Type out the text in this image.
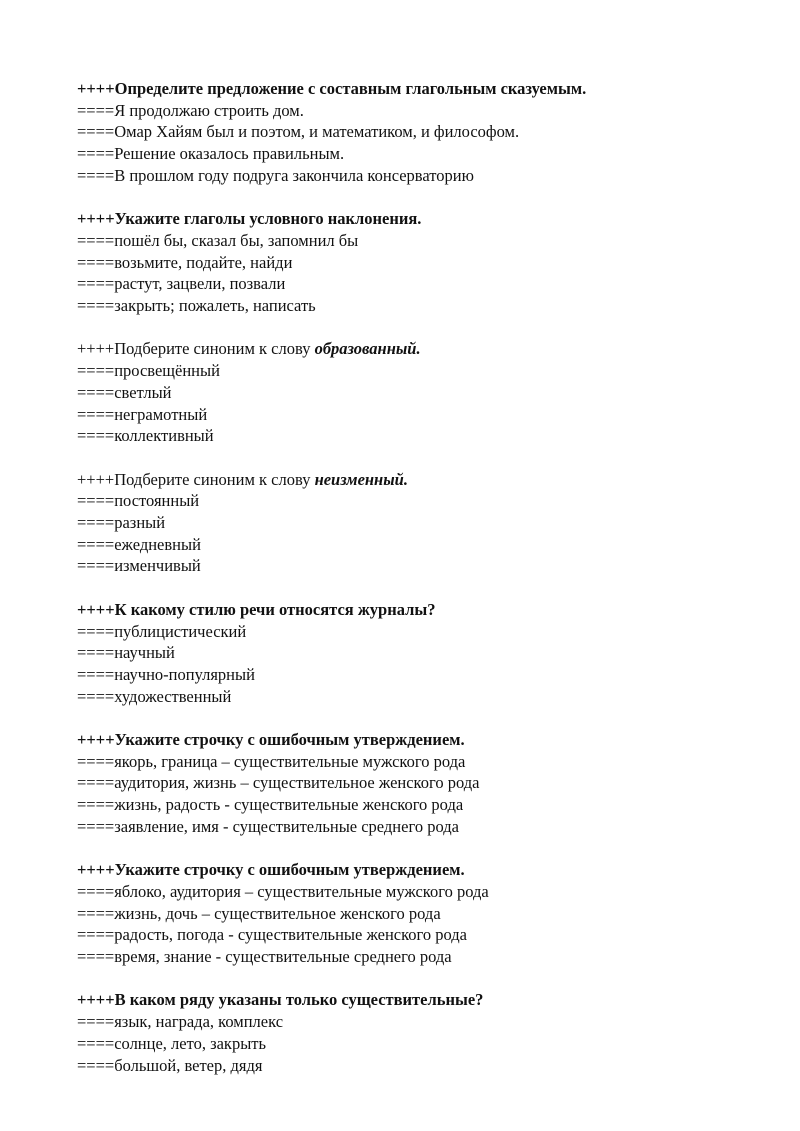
++++Определите предложение с составным глагольным сказуемым.
====Я продолжаю строить дом.
====Омар Хайям был и поэтом, и математиком, и философом.
====Решение оказалось правильным.
====В прошлом году подруга закончила консерваторию
++++Укажите глаголы условного наклонения.
====пошёл бы, сказал бы, запомнил бы
====возьмите, подайте, найди
====растут, зацвели, позвали
====закрыть; пожалеть, написать
++++Подберите синоним к слову образованный.
====просвещённый
====светлый
====неграмотный
====коллективный
++++Подберите синоним к слову неизменный.
====постоянный
====разный
====ежедневный
====изменчивый
++++К какому стилю речи относятся журналы?
====публицистический
====научный
====научно-популярный
====художественный
++++Укажите строчку с ошибочным утверждением.
====якорь, граница – существительные мужского рода
====аудитория, жизнь – существительное женского рода
====жизнь, радость - существительные женского рода
====заявление, имя - существительные среднего рода
++++Укажите строчку с ошибочным утверждением.
====яблоко, аудитория – существительные мужского рода
====жизнь, дочь – существительное женского рода
====радость, погода - существительные женского рода
====время, знание - существительные среднего рода
++++В каком ряду указаны только существительные?
====язык, награда, комплекс
====солнце, лето, закрыть
====большой, ветер, дядя
